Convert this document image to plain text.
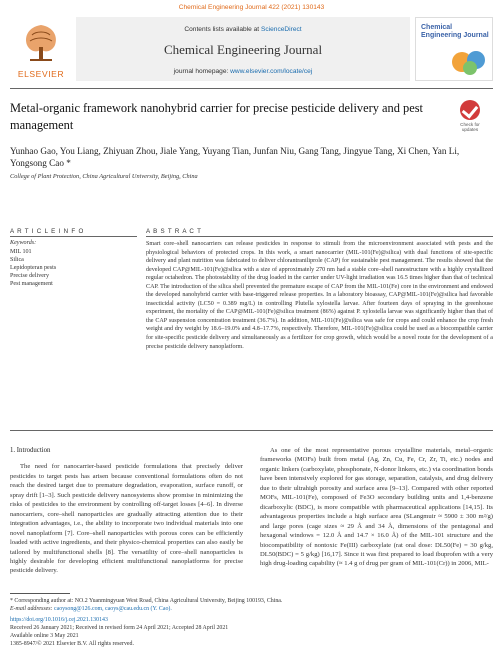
Chemical Engineering Journal 422 (2021) 130143
ELSEVIER
Contents lists available at ScienceDirect
Chemical Engineering Journal
journal homepage: www.elsevier.com/locate/cej
Chemical Engineering Journal
Metal-organic framework nanohybrid carrier for precise pesticide delivery and pest management	Check for updates
Yunhao Gao, You Liang, Zhiyuan Zhou, Jiale Yang, Yuyang Tian, Junfan Niu, Gang Tang, Jingyue Tang, Xi Chen, Yan Li, Yongsong Cao *
College of Plant Protection, China Agricultural University, Beijing, China
A R T I C L E I N F O
Keywords:
MIL 101
Silica
Lepidopteran pests
Precise delivery
Pest management
A B S T R A C T
Smart core–shell nanocarriers can release pesticides in response to stimuli from the microenvironment associated with pests and the physiological behaviors of protected crops. In this work, a smart nanocarrier (MIL-101(Fe)@silica) with dual functions of site-specific delivery and plant nutrition was fabricated to deliver chlorantraniliprole (CAP) for sustainable pest management. The results showed that the developed CAP@MIL-101(Fe)@silica with a size of approximately 270 nm had a stable core–shell nanostructure with a highly crystallized regular octahedron. The photostability of the drug loaded in the carrier under UV-light irradiation was 16.5 times higher than that of technical CAP. The introduction of the silica shell prevented the premature escape of CAP from the MIL-101(Fe) core in the environment and endowed the developed nanohybrid carrier with base-triggered release properties. In a laboratory bioassay, CAP@MIL-101(Fe)@silica had favorable insecticidal activity (LC50 = 0.389 mg/L) in controlling Plutella xylostella larvae. After fourteen days of spraying in the greenhouse experiment, the mortality of the CAP@MIL-101(Fe)@silica treatment (86%) against P. xylostella larvae was significantly higher than that of the CAP suspension concentration treatment (36.7%). In addition, MIL-101(Fe)@silica was safe for crops and could enhance the crop fresh weight and dry weight by 18.6–19.0% and 4.8–17.7%, respectively. Therefore, MIL-101(Fe)@silica could be used as a biocompatible carrier for site-specific pesticide delivery and simultaneously as a fertilizer for crop growth, which would be a novel route for the development of a precise pesticide delivery nanoplatform.
1. Introduction

The need for nanocarrier-based pesticide formulations that precisely deliver pesticides to target pests has arisen because conventional formulations often do not reach the desired target due to premature degradation, evaporation, surface runoff, or spray drift [1–3]. Such pesticide delivery nanosystems show promise in minimizing the risks of pesticides to the environment by controlling off-target losses [4–6]. In diverse nanocarriers, core–shell nanoparticles are gradually attracting attention due to their integration advantages, i.e., the ability to incorporate two individual materials into one novel nanoplatform [7]. Core–shell nanoparticles with porous cores can be efficiently loaded with active ingredients, and their physico-chemical properties can also easily be tailored by multifunctional shells [8]. The versatility of core–shell nanoparticles is highly desirable for developing efficient multifunctional nanoplatforms for precise pesticide delivery.

As one of the most representative porous crystalline materials, metal–organic frameworks (MOFs) built from metal (Ag, Zn, Cu, Fe, Cr, Zr, Ti, etc.) nodes and organic linkers (carboxylate, phosphonate, N-donor linkers, etc.) via coordination bonds have been intensively explored for gas storage, separation, catalysis, and drug delivery due to their ultrahigh porosity and surface area [9–13]. Compared with other reported MOFs, MIL-101(Fe), composed of Fe3O secondary building units and 1,4-benzene dicarboxylic (BDC), is more compatible with pharmaceutical applications [14,15]. Its advantageous properties include a high surface area (SLangmuir ≈ 5900 ± 300 m²/g) and large pores (cage sizes ≈ 29 Å and 34 Å, dimensions of the pentagonal and hexagonal windows = 12.0 Å and 14.7 × 16.0 Å) of the MIL-101 structure and the biocompatibility of nontoxic Fe(III) carboxylate (rat oral dose: DL50(Fe) = 30 g/kg, DL50(BDC) = 5 g/kg) [16,17]. Since it was first prepared to load ibuprofen with a very high drug-loading capability (≈ 1.4 g of drug per gram of MIL-101(Cr)) in 2006, MIL-

* Corresponding author at: NO.2 Yuanmingyuan West Road, China Agricultural University, Beijing 100193, China.
E-mail addresses: caoysong@126.com, caoys@cau.edu.cn (Y. Cao).
https://doi.org/10.1016/j.cej.2021.130143
Received 26 January 2021; Received in revised form 24 April 2021; Accepted 28 April 2021
Available online 3 May 2021
1385-8947/© 2021 Elsevier B.V. All rights reserved.
